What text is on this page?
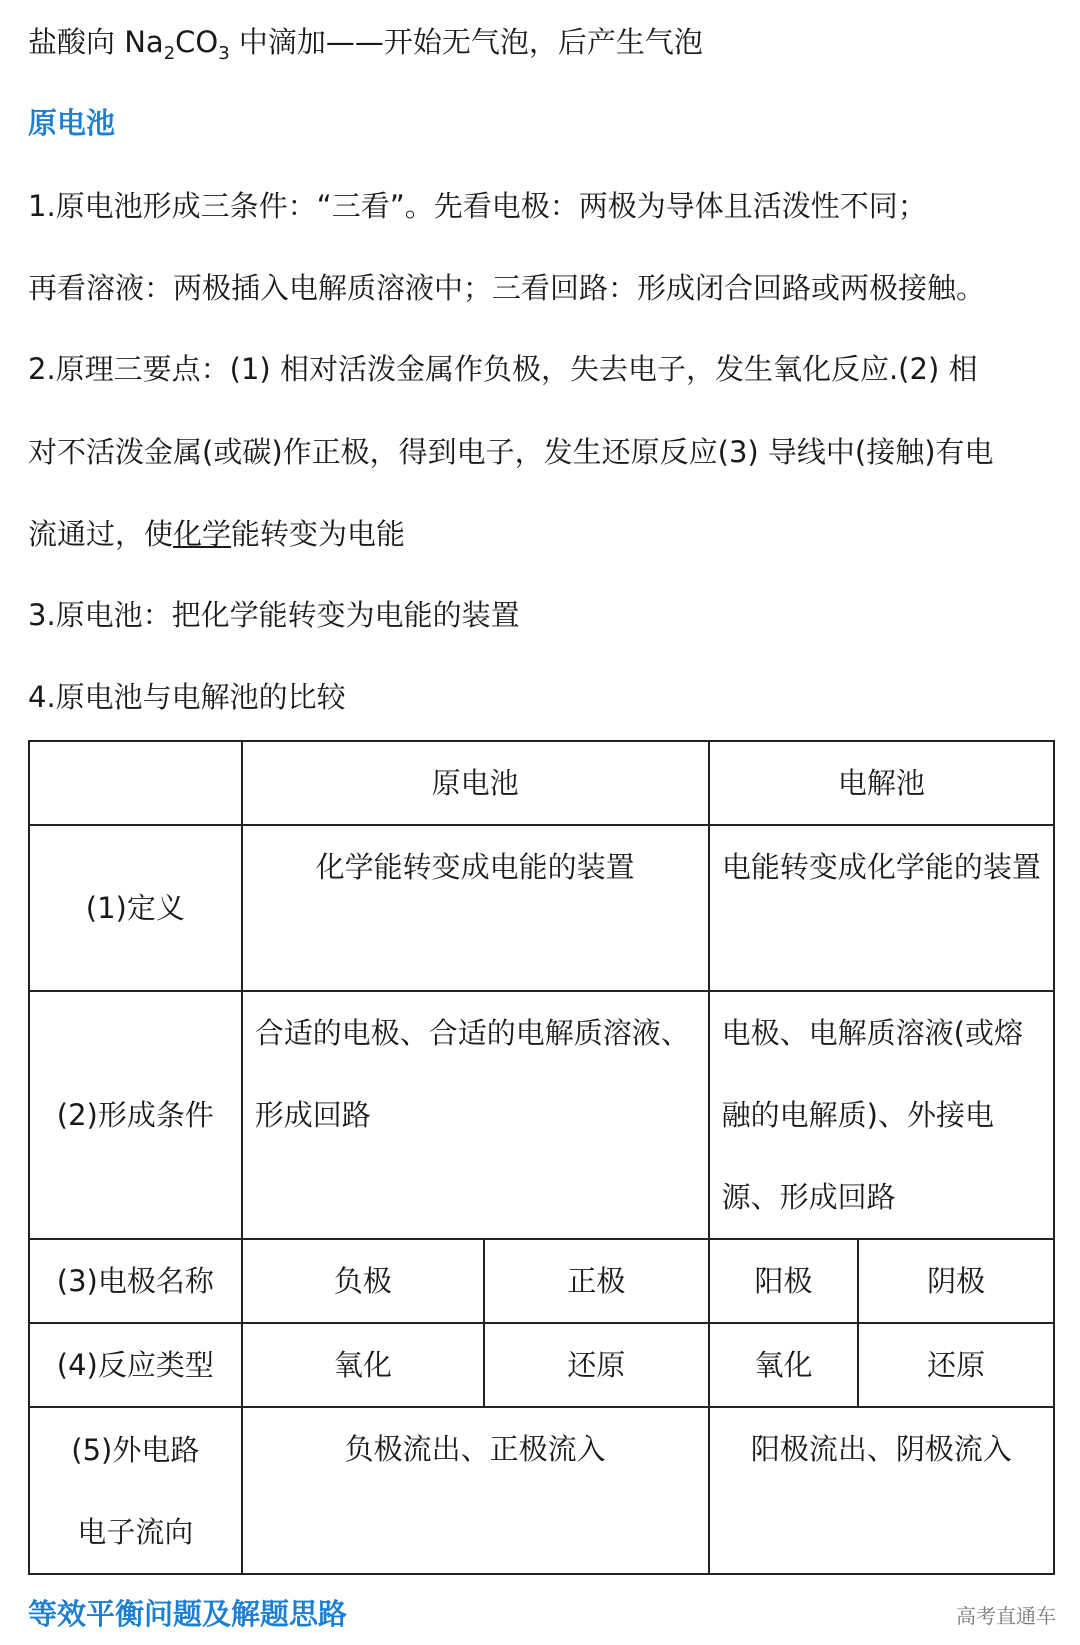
盐酸向 $Na_2CO_3$ 中滴加——开始无气泡，后产生气泡
原电池
1.原电池形成三条件：“三看”。先看电极：两极为导体且活泼性不同；
再看溶液：两极插入电解质溶液中；三看回路：形成闭合回路或两极接触。
2.原理三要点：(1) 相对活泼金属作负极，失去电子，发生氧化反应.(2) 相
对不活泼金属(或碳)作正极，得到电子，发生还原反应(3) 导线中(接触)有电
流通过，使化学能转变为电能
3.原电池：把化学能转变为电能的装置
4.原电池与电解池的比较
	原电池		电解池	
(1)定义	化学能转变成电能的装置		电能转变成化学能的装置	
(2)形成条件	合适的电极、合适的电解质溶液、形成回路		电极、电解质溶液(或熔融的电解质)、外接电源、形成回路	
(3)电极名称	负极	正极	阳极	阴极
(4)反应类型	氧化	还原	氧化	还原
(5)外电路电子流向	负极流出、正极流入		阳极流出、阴极流入	
等效平衡问题及解题思路	高考直通车
